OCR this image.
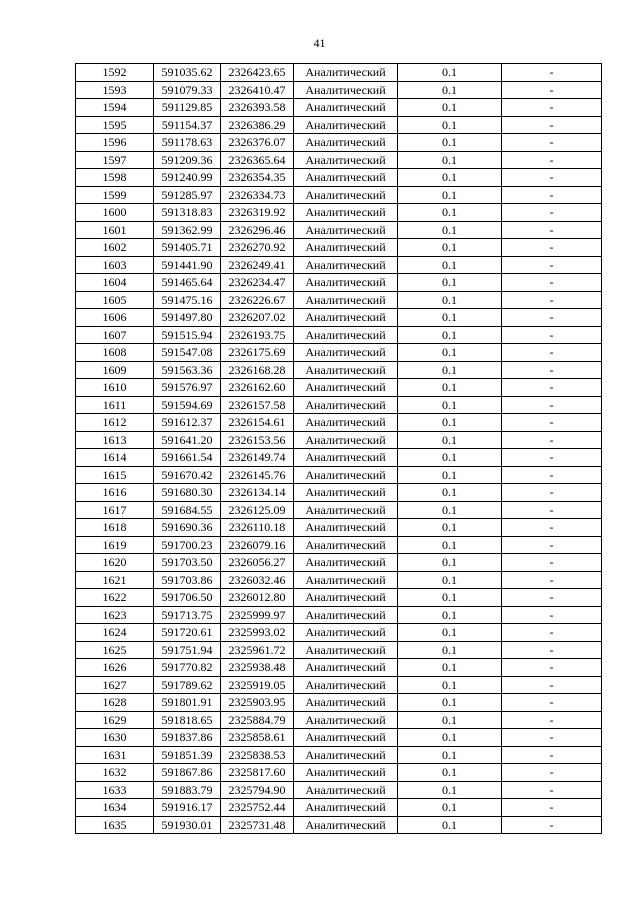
41
1592	591035.62	2326423.65	Аналитический	0.1	-
1593	591079.33	2326410.47	Аналитический	0.1	-
1594	591129.85	2326393.58	Аналитический	0.1	-
1595	591154.37	2326386.29	Аналитический	0.1	-
1596	591178.63	2326376.07	Аналитический	0.1	-
1597	591209.36	2326365.64	Аналитический	0.1	-
1598	591240.99	2326354.35	Аналитический	0.1	-
1599	591285.97	2326334.73	Аналитический	0.1	-
1600	591318.83	2326319.92	Аналитический	0.1	-
1601	591362.99	2326296.46	Аналитический	0.1	-
1602	591405.71	2326270.92	Аналитический	0.1	-
1603	591441.90	2326249.41	Аналитический	0.1	-
1604	591465.64	2326234.47	Аналитический	0.1	-
1605	591475.16	2326226.67	Аналитический	0.1	-
1606	591497.80	2326207.02	Аналитический	0.1	-
1607	591515.94	2326193.75	Аналитический	0.1	-
1608	591547.08	2326175.69	Аналитический	0.1	-
1609	591563.36	2326168.28	Аналитический	0.1	-
1610	591576.97	2326162.60	Аналитический	0.1	-
1611	591594.69	2326157.58	Аналитический	0.1	-
1612	591612.37	2326154.61	Аналитический	0.1	-
1613	591641.20	2326153.56	Аналитический	0.1	-
1614	591661.54	2326149.74	Аналитический	0.1	-
1615	591670.42	2326145.76	Аналитический	0.1	-
1616	591680.30	2326134.14	Аналитический	0.1	-
1617	591684.55	2326125.09	Аналитический	0.1	-
1618	591690.36	2326110.18	Аналитический	0.1	-
1619	591700.23	2326079.16	Аналитический	0.1	-
1620	591703.50	2326056.27	Аналитический	0.1	-
1621	591703.86	2326032.46	Аналитический	0.1	-
1622	591706.50	2326012.80	Аналитический	0.1	-
1623	591713.75	2325999.97	Аналитический	0.1	-
1624	591720.61	2325993.02	Аналитический	0.1	-
1625	591751.94	2325961.72	Аналитический	0.1	-
1626	591770.82	2325938.48	Аналитический	0.1	-
1627	591789.62	2325919.05	Аналитический	0.1	-
1628	591801.91	2325903.95	Аналитический	0.1	-
1629	591818.65	2325884.79	Аналитический	0.1	-
1630	591837.86	2325858.61	Аналитический	0.1	-
1631	591851.39	2325838.53	Аналитический	0.1	-
1632	591867.86	2325817.60	Аналитический	0.1	-
1633	591883.79	2325794.90	Аналитический	0.1	-
1634	591916.17	2325752.44	Аналитический	0.1	-
1635	591930.01	2325731.48	Аналитический	0.1	-
